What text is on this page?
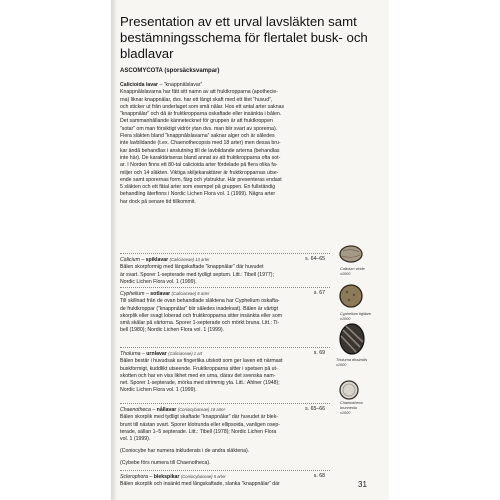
Presentation av ett urval lavsläkten samt
bestämningsschema för flertalet busk- och
bladlavar
ASCOMYCOTA (sporsäcksvampar)
Calicioida lavar – ”knappnålslavar”
Knappnålslavarna har fått sitt namn av att fruktkropparna (apothecie-
rna) liknar knappnålar, dvs. har ett långt skaft med ett litet ”huvud”,
och sticker ut från underlaget som små nålar. Hos ett antal arter saknas
”knappnålar” och då är fruktkropparna oskaftade eller insänkta i bålen.
Det sammanhållande kännetecknet för gruppen är att fruktkroppen
”sotar” om man försiktigt vidrör ytan dvs. man blir svart av sporerna).
Flera släkten bland ”knappnålslavarna” saknar alger och är således
inte lavbildande (t.ex. Chaenothecopsis med 18 arter) men dessa bru-
kar ändå behandlas i anslutning till de lavbildande arterna (behandlas
inte här). De karaktäriseras bland annat av att fruktkropparna ofta sot-
ar. I Norden finns ett 80-tal calicioida arter fördelade på flera olika fa-
miljer och 14 släkten. Viktiga skiljekaraktärer är fruktkropparnas utse-
ende samt sporernas form, färg och ytstruktur. Här presenteras endast
5 släkten och ett fåtal arter som exempel på gruppen. En fullständig
behandling återfinns i Nordic Lichen Flora vol. 1 (1999). Några arter
har dock på senare tid tillkommit.
Calicium – spiklavar (Caliciaceae) 13 arter	s. 64–65
Bålen skorpformig med långskaftade ”knappnålar” där huvudet
är svart. Sporer 1-septerade med tydligt septum. Litt.: Tibell (1977);
Nordic Lichen Flora vol. 1 (1999).
Cyphelium – sotlavar (Caliciaceae) 8 arter	s. 67
Till skillnad från de ovan behandlade släktena har Cyphelium oskafta-
de fruktkroppar (”knappnålar” blir således inadekvat). Bålen är vårtigt
skorplik eller svagt loberad och fruktkropparna sitter insänkta eller som
små skålar på vårtorna. Sporer 1-septerade och mörkt bruna. Litt.: Ti-
bell (1980); Nordic Lichen Flora vol. 1 (1999).
Tholurna – urnlavar (Caliciaceae) 1 art	s. 69
Bålen består i huvudsak av fingerlika utskott som ger laven ett närmast
buskformigt, kuddlikt utseende. Fruktkropparna sitter i spetsen på ut-
skotten och har en viss likhet med en urna, därav det svenska nam-
net. Sporer 1-septerade, mörka med strimmig yta. Litt.: Ahlner (1948);
Nordic Lichen Flora vol. 1 (1999).
Chaenotheca – nållavar (Coniocybaceae) 18 arter	s. 65–66
Bålen skorplik med tydligt skaftade ”knappnålar” där huvudet är blek-
brunt till nästan svart. Sporer klotrunda eller ellipsoida, vanligen osep-
terade, sällan 1–5 septerade. Litt.: Tibell (1978); Nordic Lichen Flora
vol. 1 (1999).
(Coniocybe har numera inkluderats i de andra släktena).
(Cybebe förs numera till Chaenotheca).
Sclerophora – blekspikar (Coniocybaceae) 5 arter	s. 68
Bålen skorplik och insänkt med långskaftade, slanka ”knappnålar” där
Calicium viride
x1000
Cyphelium tigillare
x1000
Tholurna dissimilis
x1000
Chaenotheca
brunneola
x1000
31
